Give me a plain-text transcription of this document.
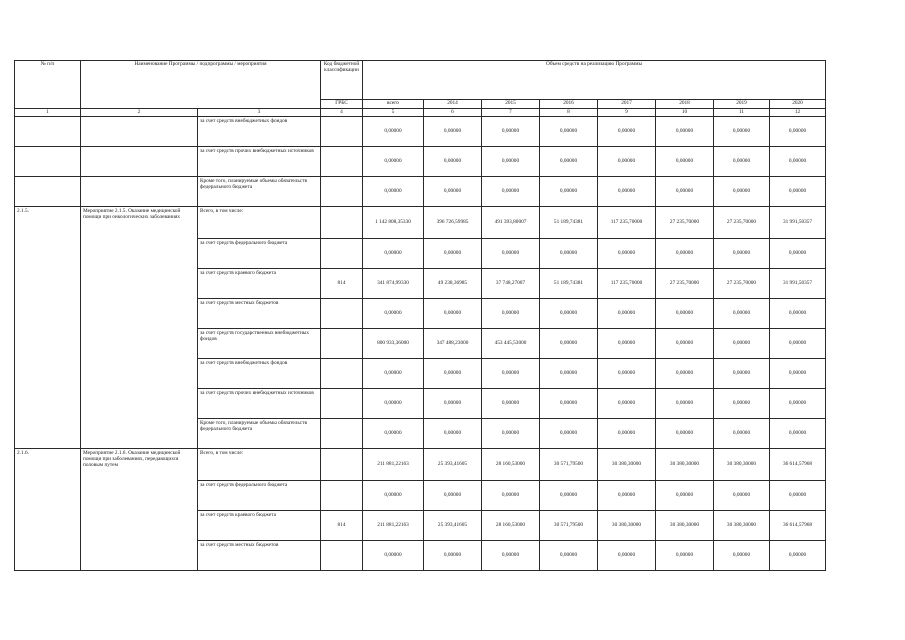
№ п/п	Наименование Программы / подпрограммы / мероприятия		Код бюджетной классификации	Объем средств на реализацию Программы							
			ГРБС	всего	2014	2015	2016	2017	2018	2019	2020
1	2	3	4	5	6	7	8	9	10	11	12
		за счет средств внебюджетных фондов		0,00000	0,00000	0,00000	0,00000	0,00000	0,00000	0,00000	0,00000
		за счет средств прочих внебюджетных источников		0,00000	0,00000	0,00000	0,00000	0,00000	0,00000	0,00000	0,00000
		Кроме того, планируемые объемы обязательств федерального бюджета		0,00000	0,00000	0,00000	0,00000	0,00000	0,00000	0,00000	0,00000
2.1.5.	Мероприятие 2.1.5. Оказание медицинской помощи при онкологических заболеваниях	Всего, в том числе:		1 142 808,35330	396 726,59985	491 393,80007	51 189,74381	117 235,70000	27 235,70000	27 235,70000	31 991,50357
		за счет средств федерального бюджета		0,00000	0,00000	0,00000	0,00000	0,00000	0,00000	0,00000	0,00000
		за счет средств краевого бюджета	814	341 874,99330	49 238,36985	37 748,27007	51 189,74381	117 235,70000	27 235,70000	27 235,70000	31 991,50357
		за счет средств местных бюджетов		0,00000	0,00000	0,00000	0,00000	0,00000	0,00000	0,00000	0,00000
		за счет средств государственных внебюджетных фондов		800 933,36000	347 488,23000	453 445,53000	0,00000	0,00000	0,00000	0,00000	0,00000
		за счет средств внебюджетных фондов		0,00000	0,00000	0,00000	0,00000	0,00000	0,00000	0,00000	0,00000
		за счет средств прочих внебюджетных источников		0,00000	0,00000	0,00000	0,00000	0,00000	0,00000	0,00000	0,00000
		Кроме того, планируемые объемы обязательств федерального бюджета		0,00000	0,00000	0,00000	0,00000	0,00000	0,00000	0,00000	0,00000
2.1.6.	Мероприятие 2.1.6. Оказание медицинской помощи при заболеваниях, передающихся половым путем	Всего, в том числе:		211 881,22163	25 393,41605	28 160,53000	30 571,79500	30 380,30000	30 380,30000	30 380,30000	36 614,57968
		за счет средств федерального бюджета		0,00000	0,00000	0,00000	0,00000	0,00000	0,00000	0,00000	0,00000
		за счет средств краевого бюджета	814	211 881,22163	25 393,41605	28 160,53000	30 571,79500	30 380,30000	30 380,30000	30 380,30000	36 614,57968
		за счет средств местных бюджетов		0,00000	0,00000	0,00000	0,00000	0,00000	0,00000	0,00000	0,00000
